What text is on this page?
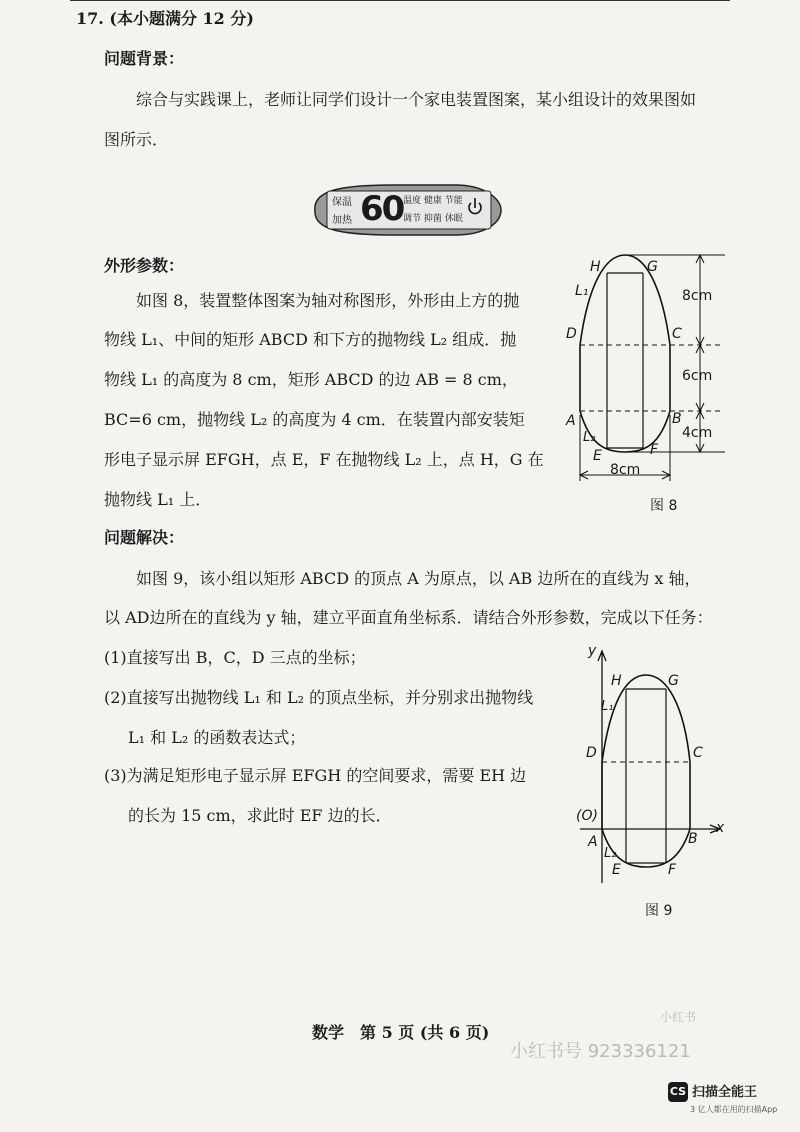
17. (本小题满分 12 分)
问题背景：
综合与实践课上，老师让同学们设计一个家电装置图案，某小组设计的效果图如
图所示．
保温
加热 60 温度 健康 节能
调节 抑菌 休眠
外形参数：
如图 8，装置整体图案为轴对称图形，外形由上方的抛
物线 L₁、中间的矩形 ABCD 和下方的抛物线 L₂ 组成．抛
物线 L₁ 的高度为 8 cm，矩形 ABCD 的边 AB = 8 cm，
BC=6 cm，抛物线 L₂ 的高度为 4 cm．在装置内部安装矩
形电子显示屏 EFGH，点 E，F 在抛物线 L₂ 上，点 H，G 在
抛物线 L₁ 上．
H	G
L₁
D	C
A	B
L₂
E	F
8cm
6cm
4cm
8cm
图 8
问题解决：
如图 9，该小组以矩形 ABCD 的顶点 A 为原点，以 AB 边所在的直线为 x 轴，
以 AD边所在的直线为 y 轴，建立平面直角坐标系．请结合外形参数，完成以下任务：
(1)直接写出 B，C，D 三点的坐标；
(2)直接写出抛物线 L₁ 和 L₂ 的顶点坐标，并分别求出抛物线
L₁ 和 L₂ 的函数表达式；
(3)为满足矩形电子显示屏 EFGH 的空间要求，需要 EH 边
的长为 15 cm，求此时 EF 边的长．
y
x
(O)
H	G
L₁
D	C
A	B
L₂
E	F
图 9
数学　第 5 页 (共 6 页)
小红书号 923336121
小红书
CS 扫描全能王
3 亿人都在用的扫描App
